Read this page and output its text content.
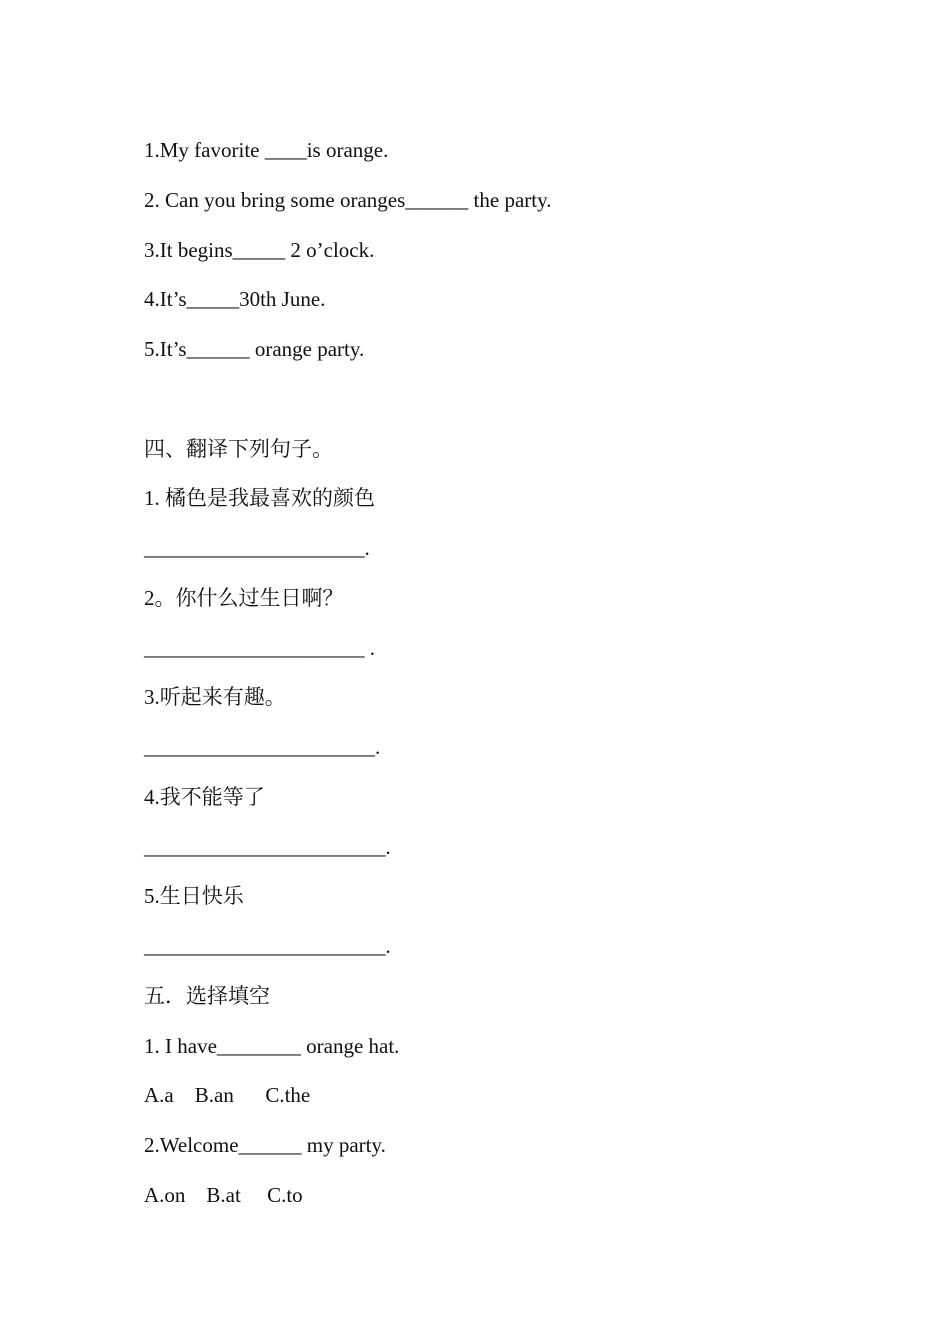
1.My favorite ____is orange.
2. Can you bring some oranges______ the party.
3.It begins_____ 2 o’clock.
4.It’s_____30th June.
5.It’s______ orange party.
四、翻译下列句子。
1. 橘色是我最喜欢的颜色
_____________________.
2。你什么过生日啊？
_____________________ .
3.听起来有趣。
______________________.
4.我不能等了
_______________________.
5.生日快乐
_______________________.
五．选择填空
1. I have________ orange hat.
A.a    B.an      C.the
2.Welcome______ my party.
A.on    B.at     C.to
